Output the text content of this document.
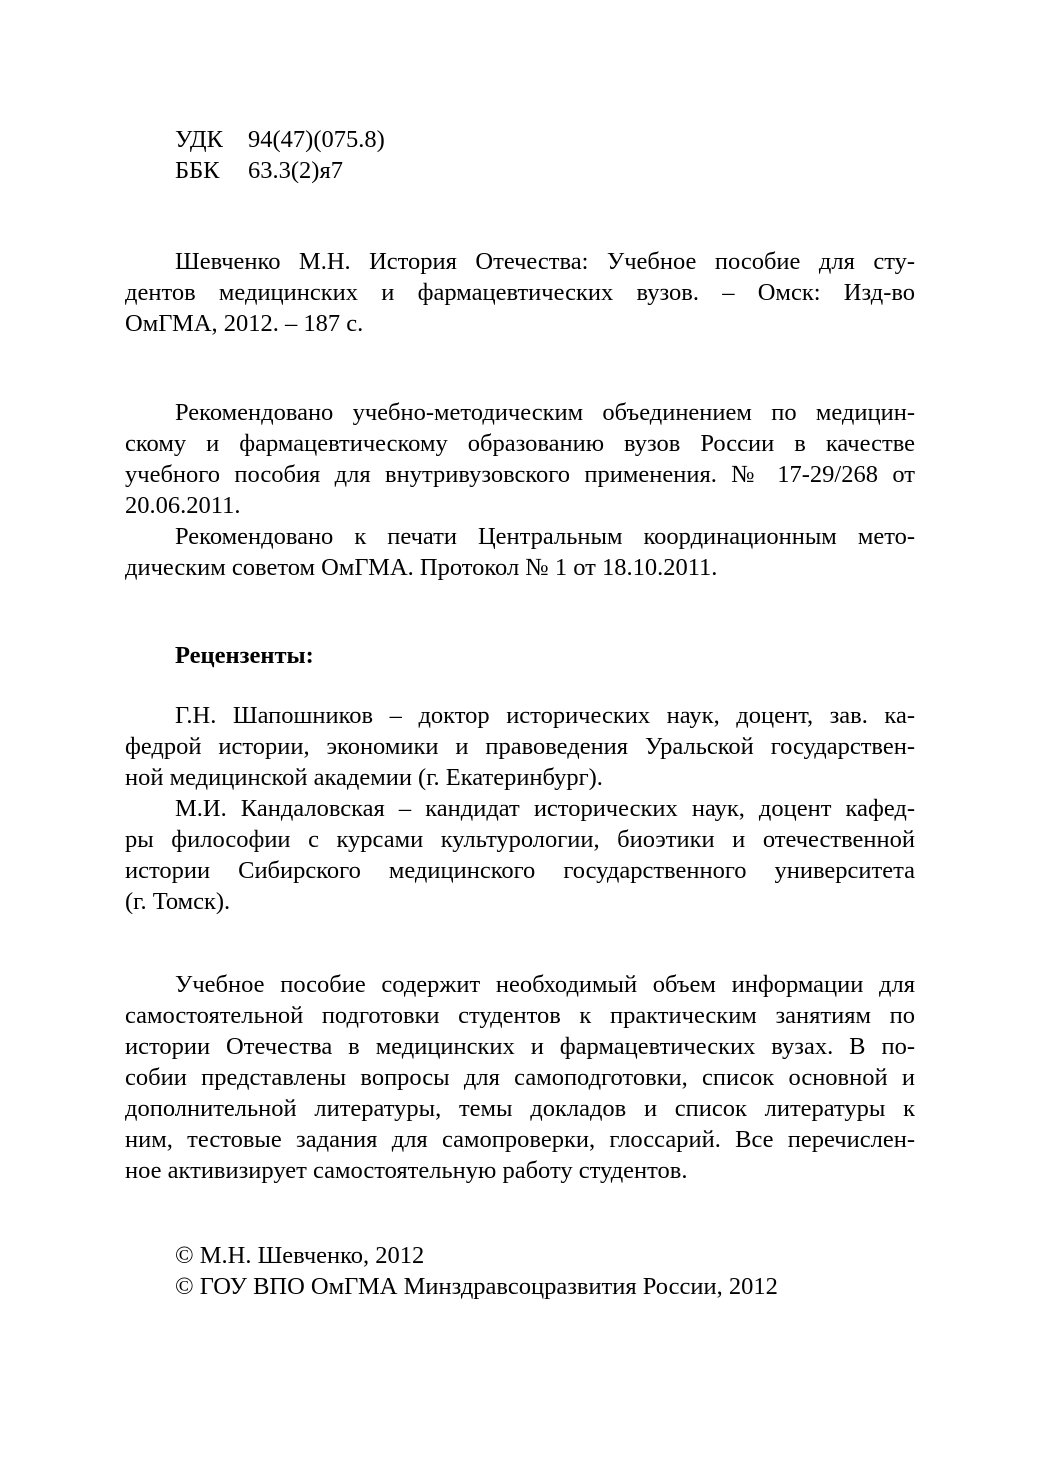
УДК 94(47)(075.8)
ББК 63.3(2)я7
Шевченко М.Н. История Отечества: Учебное пособие для сту-
дентов медицинских и фармацевтических вузов. – Омск: Изд-во
ОмГМА, 2012. – 187 с.
Рекомендовано учебно-методическим объединением по медицин-
скому и фармацевтическому образованию вузов России в качестве
учебного пособия для внутривузовского применения. № 17-29/268 от
20.06.2011.
Рекомендовано к печати Центральным координационным мето-
дическим советом ОмГМА. Протокол № 1 от 18.10.2011.
Рецензенты:
Г.Н. Шапошников – доктор исторических наук, доцент, зав. ка-
федрой истории, экономики и правоведения Уральской государствен-
ной медицинской академии (г. Екатеринбург).
М.И. Кандаловская – кандидат исторических наук, доцент кафед-
ры философии с курсами культурологии, биоэтики и отечественной
истории Сибирского медицинского государственного университета
(г. Томск).
Учебное пособие содержит необходимый объем информации для
самостоятельной подготовки студентов к практическим занятиям по
истории Отечества в медицинских и фармацевтических вузах. В по-
собии представлены вопросы для самоподготовки, список основной и
дополнительной литературы, темы докладов и список литературы к
ним, тестовые задания для самопроверки, глоссарий. Все перечислен-
ное активизирует самостоятельную работу студентов.
© М.Н. Шевченко, 2012
© ГОУ ВПО ОмГМА Минздравсоцразвития России, 2012
